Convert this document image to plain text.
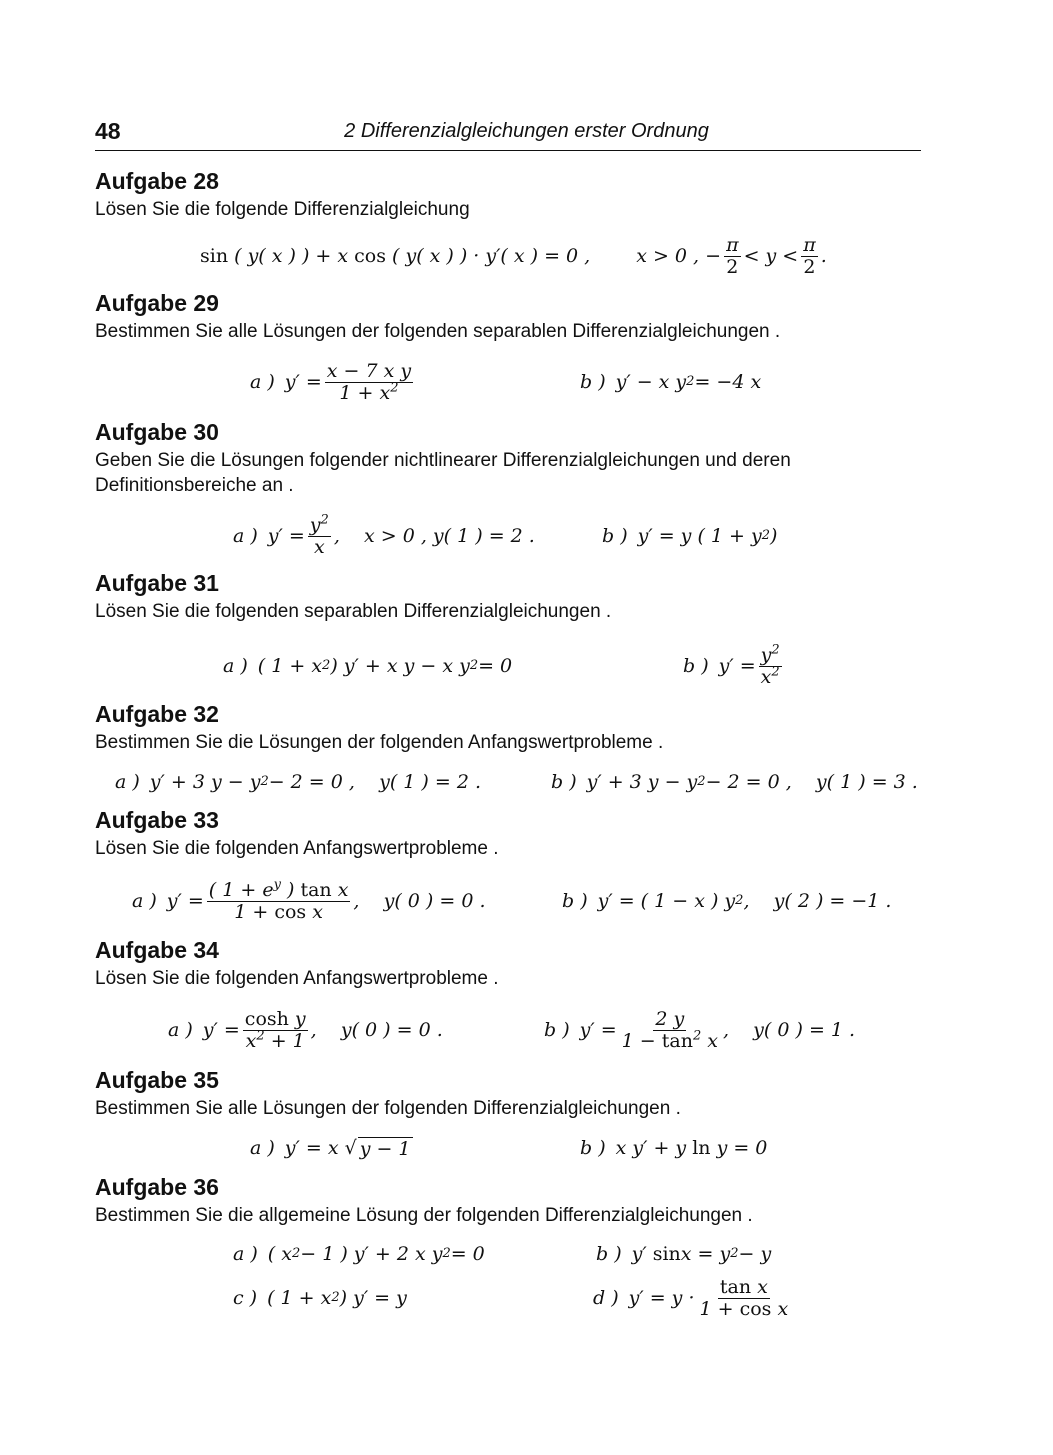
48	2 Differenzialgleichungen erster Ordnung
Aufgabe 28
Lösen Sie die folgende Differenzialgleichung
sin ( y( x ) ) + x cos ( y( x ) ) · y′( x ) = 0 ,
x > 0 , − $\frac{\pi}{2} < y < \frac{\pi}{2}$ .
Aufgabe 29
Bestimmen Sie alle Lösungen der folgenden separablen Differenzialgleichungen .
a ) $y' = \frac{\text{x − 7 x y}}{1 + x^2}$	b ) y′ − x y 2 = −4 x
Aufgabe 30
Geben Sie die Lösungen folgender nichtlinearer Differenzialgleichungen und deren Definitionsbereiche an .
a ) $y' = \frac{y^2}{x}$ ,    x > 0 , y( 1 ) = 2 .	b ) y′ = y ( 1 + y 2 )
Aufgabe 31
Lösen Sie die folgenden separablen Differenzialgleichungen .
a ) ( 1 + x 2 ) y′ + x y − x y 2 = 0	b ) $y' = \frac{y^2}{x^2}$
Aufgabe 32
Bestimmen Sie die Lösungen der folgenden Anfangswertprobleme .
a ) y′ + 3 y − y 2 − 2 = 0 ,    y( 1 ) = 2 .	b ) y′ + 3 y − y 2 − 2 = 0 ,    y( 1 ) = 3 .
Aufgabe 33
Lösen Sie die folgenden Anfangswertprobleme .
a ) $y' = \frac{( 1 + e^y ) \tan x}{\text{1 + cos x}}$ ,    y( 0 ) = 0 .	b ) y′ = ( 1 − x ) y 2 ,    y( 2 ) = −1 .
Aufgabe 34
Lösen Sie die folgenden Anfangswertprobleme .
a ) $y' = \frac{\text{cosh y}}{x^2 + 1}$ ,    y( 0 ) = 0 .	b ) $y' = \frac{2 y}{1 - \tan^2 x}$ ,    y( 0 ) = 1 .
Aufgabe 35
Bestimmen Sie alle Lösungen der folgenden Differenzialgleichungen .
a ) y′ = x √ y − 1	b ) x y′ + y ln y = 0
Aufgabe 36
Bestimmen Sie die allgemeine Lösung der folgenden Differenzialgleichungen .
a ) ( x 2 − 1 ) y′ + 2 x y 2 = 0	b ) y′ sin x = y 2 − y
c ) ( 1 + x 2 ) y′ = y	d ) $y' = y \cdot \frac{\text{tan x}}{\text{1 + cos x}}$
